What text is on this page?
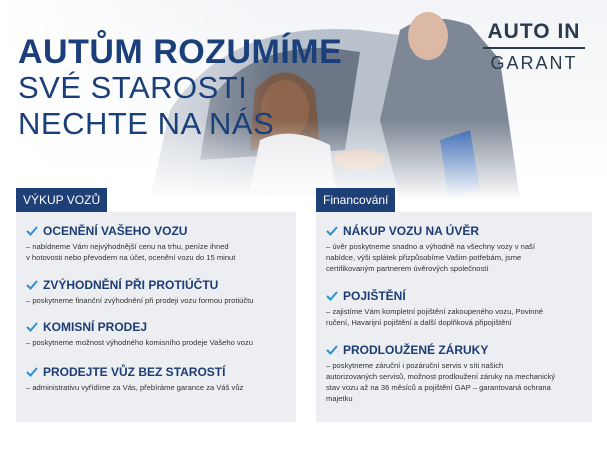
AUTŮM ROZUMÍME
SVÉ STAROSTI
NECHTE NA NÁS
AUTO IN
GARANT
VÝKUP VOZŮ	Financování
OCENĚNÍ VAŠEHO VOZU
– nabídneme Vám nejvýhodnější cenu na trhu, peníze ihned
v hotovosti nebo převodem na účet, ocenění vozu do 15 minut
ZVÝHODNĚNÍ PŘI PROTIÚČTU
– poskytneme finanční zvýhodnění při prodeji vozu formou protiúčtu
KOMISNÍ PRODEJ
– poskytneme možnost výhodného komisního prodeje Vašeho vozu
PRODEJTE VŮZ BEZ STAROSTÍ
– administrativu vyřídíme za Vás, přebíráme garance za Váš vůz
NÁKUP VOZU NA ÚVĚR
– úvěr poskytneme snadno a výhodně na všechny vozy v naší
nabídce, výši splátek přizpůsobíme Vašim potřebám, jsme
certifikovaným partnerem úvěrových společností
POJIŠTĚNÍ
– zajistíme Vám kompletní pojištění zakoupeného vozu, Povinné
ručení, Havarijní pojištění a další doplňková připojištění
PRODLOUŽENÉ ZÁRUKY
– poskytneme záruční i pozáruční servis v síti našich
autorizovaných servisů, možnost prodloužení záruky na mechanický
stav vozu až na 36 měsíců a pojištění GAP – garantovaná ochrana
majetku
